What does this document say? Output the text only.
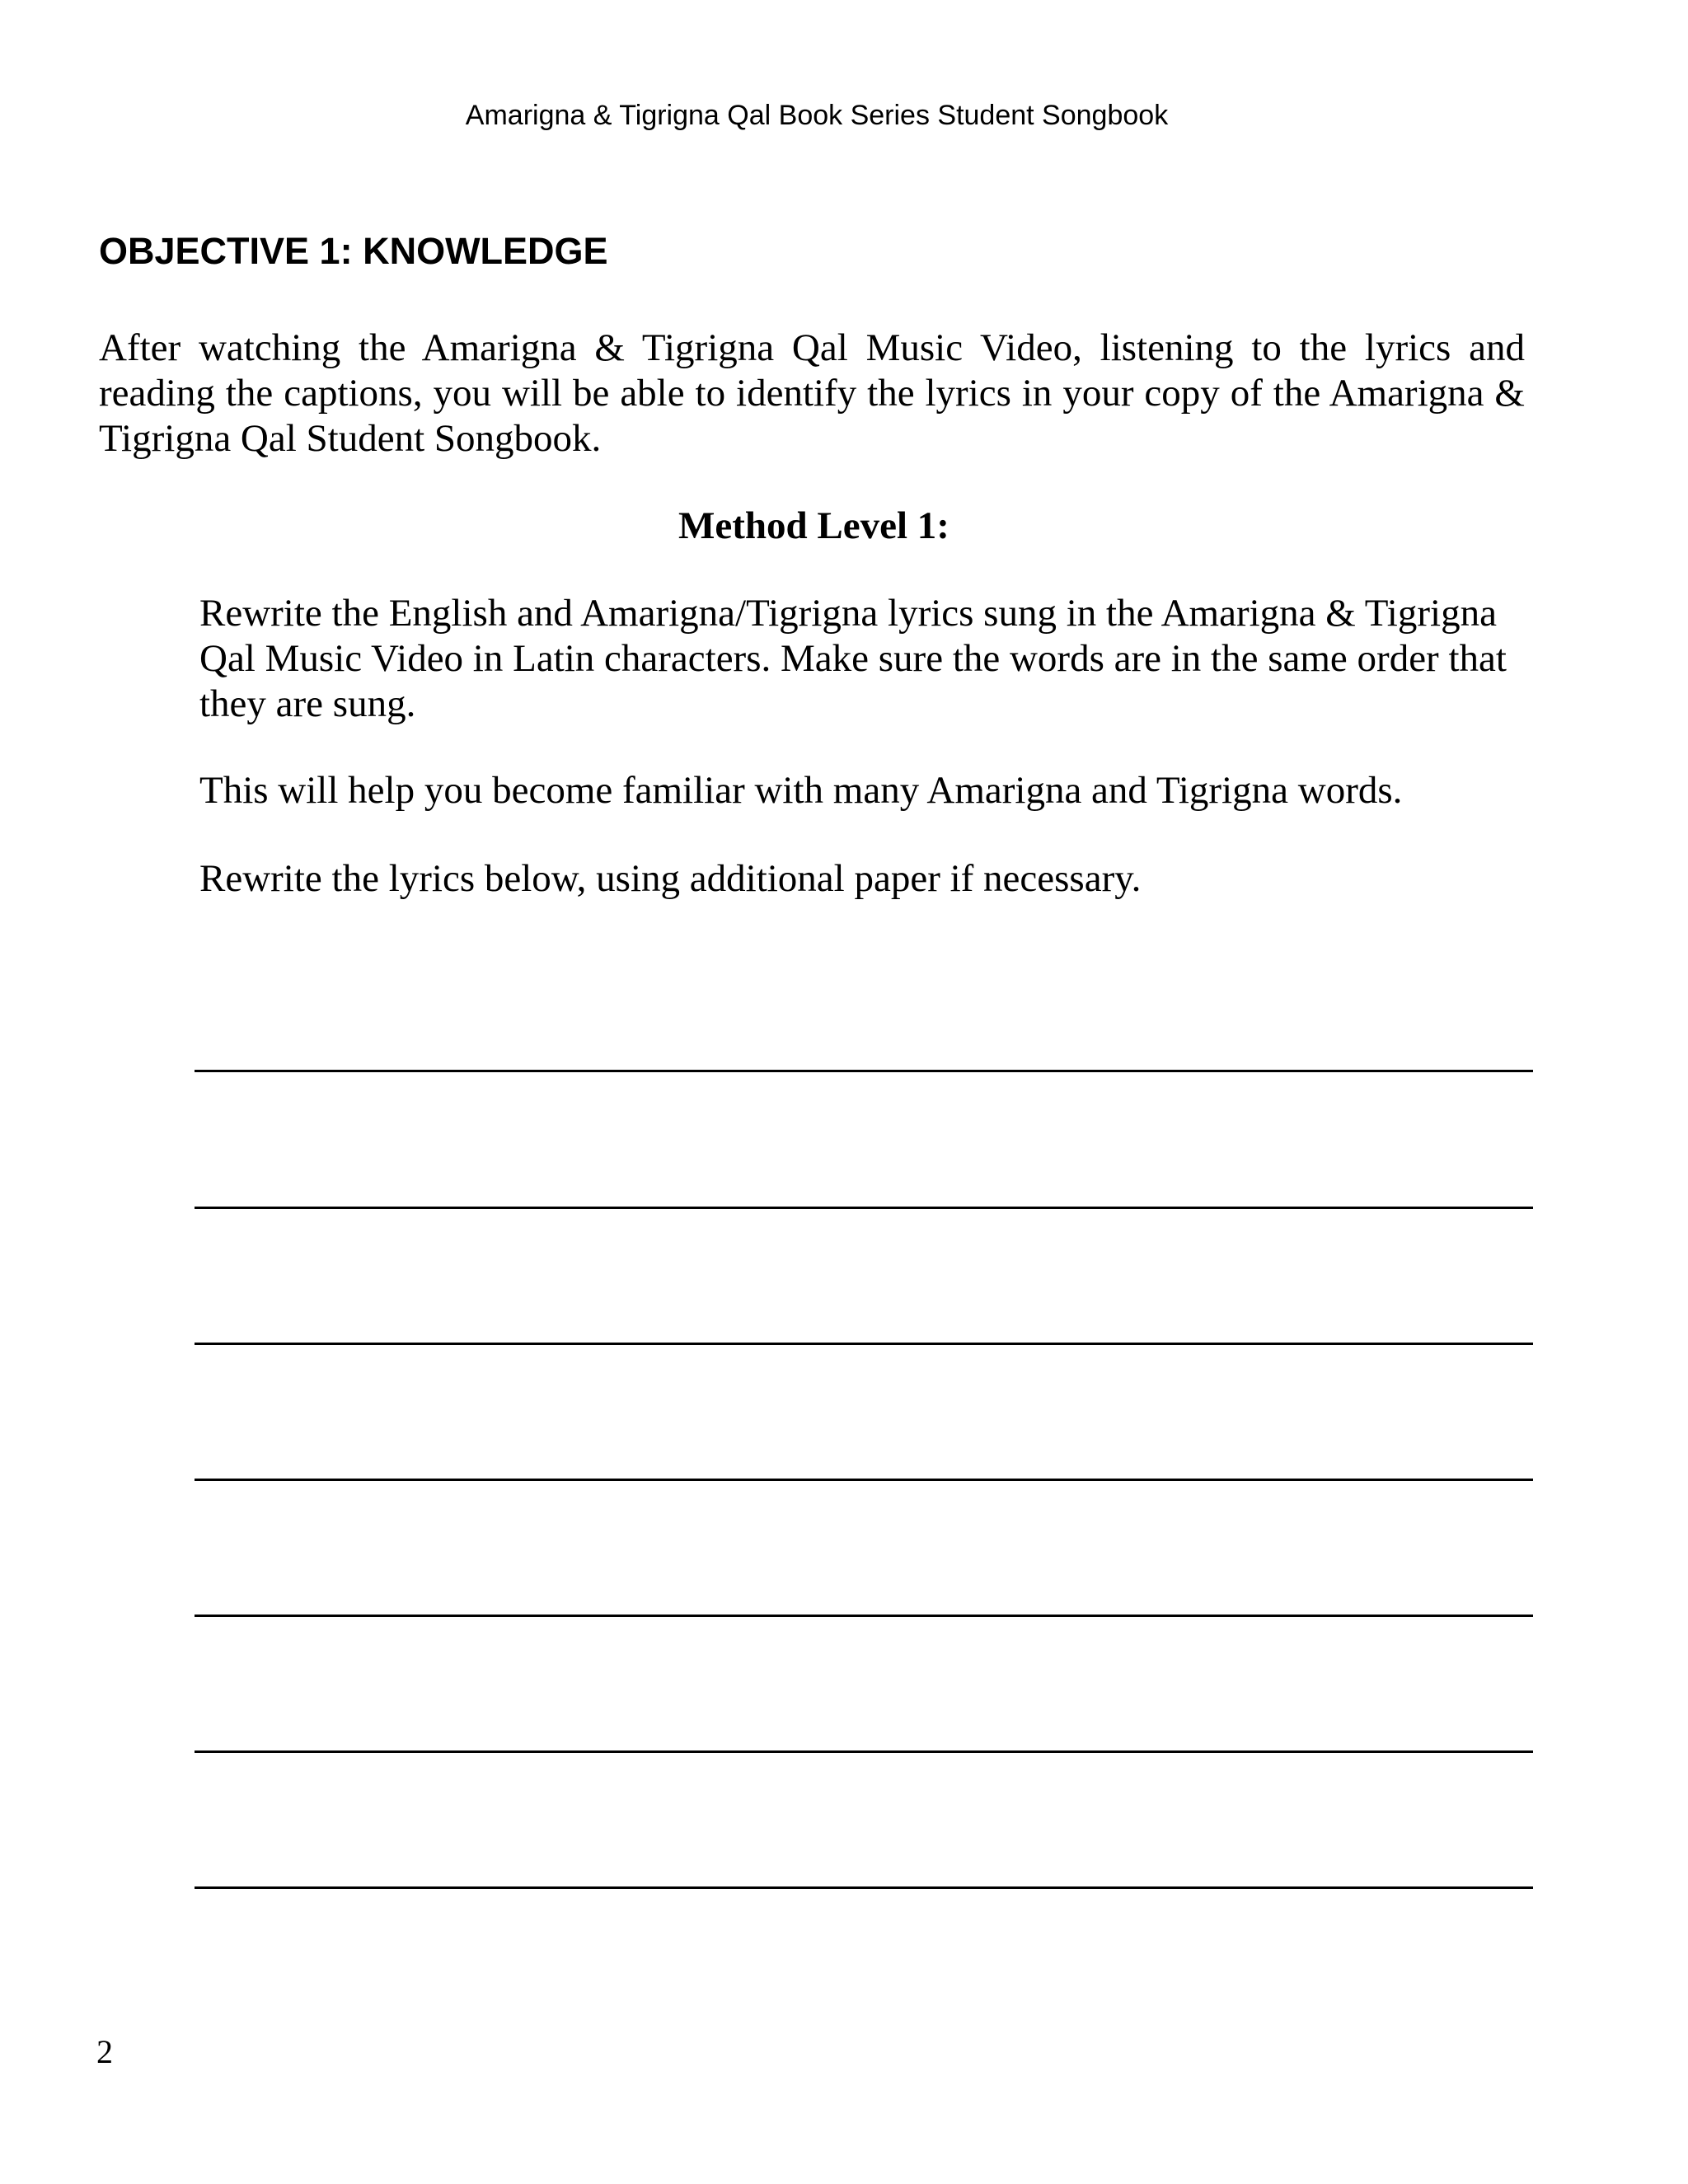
Amarigna & Tigrigna Qal Book Series Student Songbook
OBJECTIVE 1: KNOWLEDGE

After watching the Amarigna & Tigrigna Qal Music Video, listening to the lyrics and reading the captions, you will be able to identify the lyrics in your copy of the Amarigna & Tigrigna Qal Student Songbook.

Method Level 1:

Rewrite the English and Amarigna/Tigrigna lyrics sung in the Amarigna & Tigrigna Qal Music Video in Latin characters. Make sure the words are in the same order that they are sung.

This will help you become familiar with many Amarigna and Tigrigna words.

Rewrite the lyrics below, using additional paper if necessary.

2
